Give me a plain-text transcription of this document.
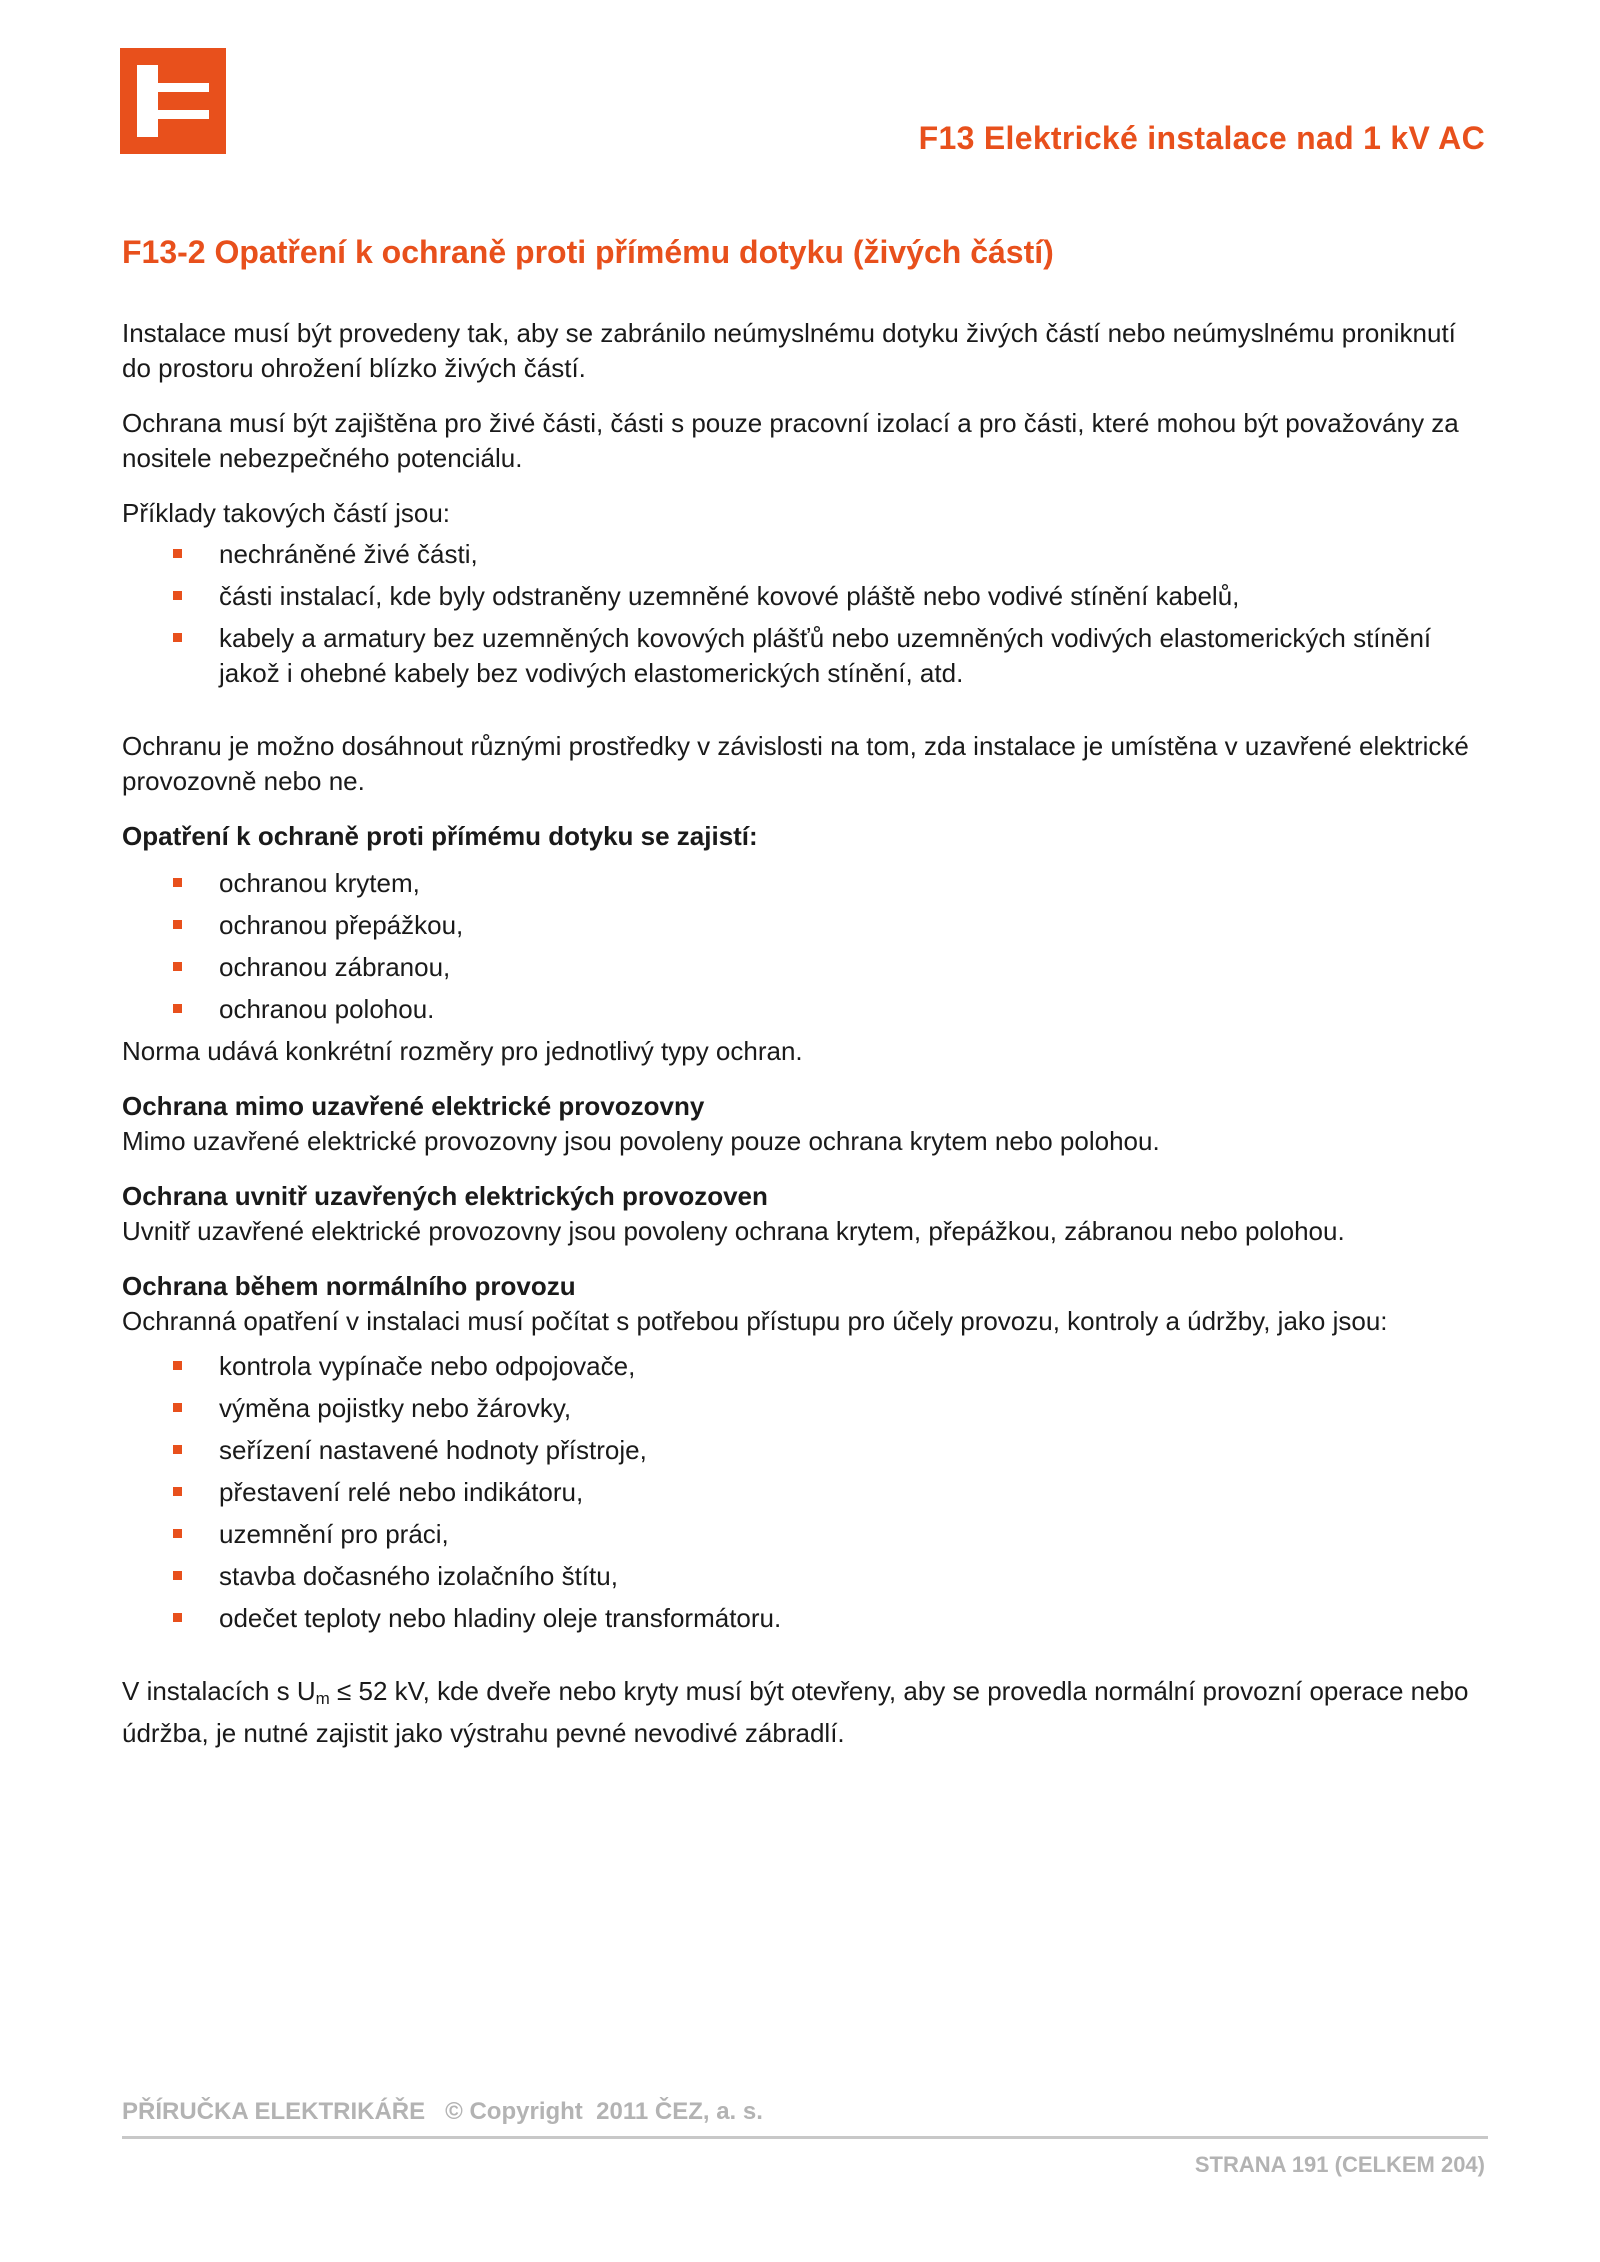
F13 Elektrické instalace nad 1 kV AC
F13-2 Opatření k ochraně proti přímému dotyku (živých částí)

Instalace musí být provedeny tak, aby se zabránilo neúmyslnému dotyku živých částí nebo neúmyslnému proniknutí do prostoru ohrožení blízko živých částí.

Ochrana musí být zajištěna pro živé části, části s pouze pracovní izolací a pro části, které mohou být považovány za nositele nebezpečného potenciálu.

Příklady takových částí jsou:

nechráněné živé části,
části instalací, kde byly odstraněny uzemněné kovové pláště nebo vodivé stínění kabelů,
kabely a armatury bez uzemněných kovových plášťů nebo uzemněných vodivých elastomerických stínění jakož i ohebné kabely bez vodivých elastomerických stínění, atd.

Ochranu je možno dosáhnout různými prostředky v závislosti na tom, zda instalace je umístěna v uzavřené elektrické provozovně nebo ne.

Opatření k ochraně proti přímému dotyku se zajistí:

ochranou krytem,
ochranou přepážkou,
ochranou zábranou,
ochranou polohou.

Norma udává konkrétní rozměry pro jednotlivý typy ochran.

Ochrana mimo uzavřené elektrické provozovny

Mimo uzavřené elektrické provozovny jsou povoleny pouze ochrana krytem nebo polohou.

Ochrana uvnitř uzavřených elektrických provozoven

Uvnitř uzavřené elektrické provozovny jsou povoleny ochrana krytem, přepážkou, zábranou nebo polohou.

Ochrana během normálního provozu

Ochranná opatření v instalaci musí počítat s potřebou přístupu pro účely provozu, kontroly a údržby, jako jsou:

kontrola vypínače nebo odpojovače,
výměna pojistky nebo žárovky,
seřízení nastavené hodnoty přístroje,
přestavení relé nebo indikátoru,
uzemnění pro práci,
stavba dočasného izolačního štítu,
odečet teploty nebo hladiny oleje transformátoru.

V instalacích s $U_m \le 52$ kV, kde dveře nebo kryty musí být otevřeny, aby se provedla normální provozní operace nebo údržba, je nutné zajistit jako výstrahu pevné nevodivé zábradlí.

PŘÍRUČKA ELEKTRIKÁŘE   © Copyright  2011 ČEZ, a. s.
STRANA 191 (CELKEM 204)
